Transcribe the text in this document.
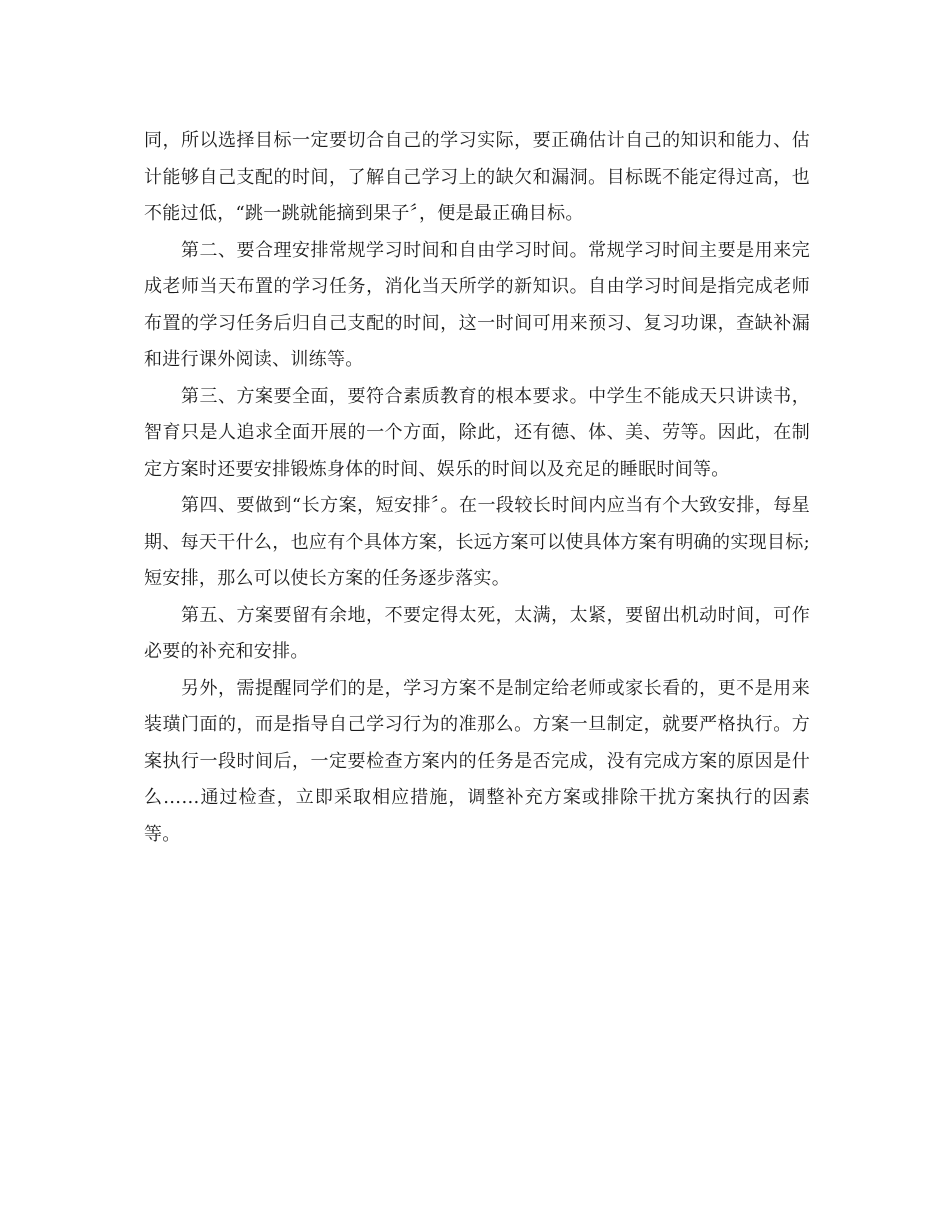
同，所以选择目标一定要切合自己的学习实际，要正确估计自己的知识和能力、估计能够自己支配的时间，了解自己学习上的缺欠和漏洞。目标既不能定得过高，也不能过低，“跳一跳就能摘到果子〞，便是最正确目标。

第二、要合理安排常规学习时间和自由学习时间。常规学习时间主要是用来完成老师当天布置的学习任务，消化当天所学的新知识。自由学习时间是指完成老师布置的学习任务后归自己支配的时间，这一时间可用来预习、复习功课，查缺补漏和进行课外阅读、训练等。

第三、方案要全面，要符合素质教育的根本要求。中学生不能成天只讲读书，智育只是人追求全面开展的一个方面，除此，还有德、体、美、劳等。因此，在制定方案时还要安排锻炼身体的时间、娱乐的时间以及充足的睡眠时间等。

第四、要做到“长方案，短安排〞。在一段较长时间内应当有个大致安排，每星期、每天干什么，也应有个具体方案，长远方案可以使具体方案有明确的实现目标;短安排，那么可以使长方案的任务逐步落实。

第五、方案要留有余地，不要定得太死，太满，太紧，要留出机动时间，可作必要的补充和安排。

另外，需提醒同学们的是，学习方案不是制定给老师或家长看的，更不是用来装璜门面的，而是指导自己学习行为的准那么。方案一旦制定，就要严格执行。方案执行一段时间后，一定要检查方案内的任务是否完成，没有完成方案的原因是什么……通过检查，立即采取相应措施，调整补充方案或排除干扰方案执行的因素等。
